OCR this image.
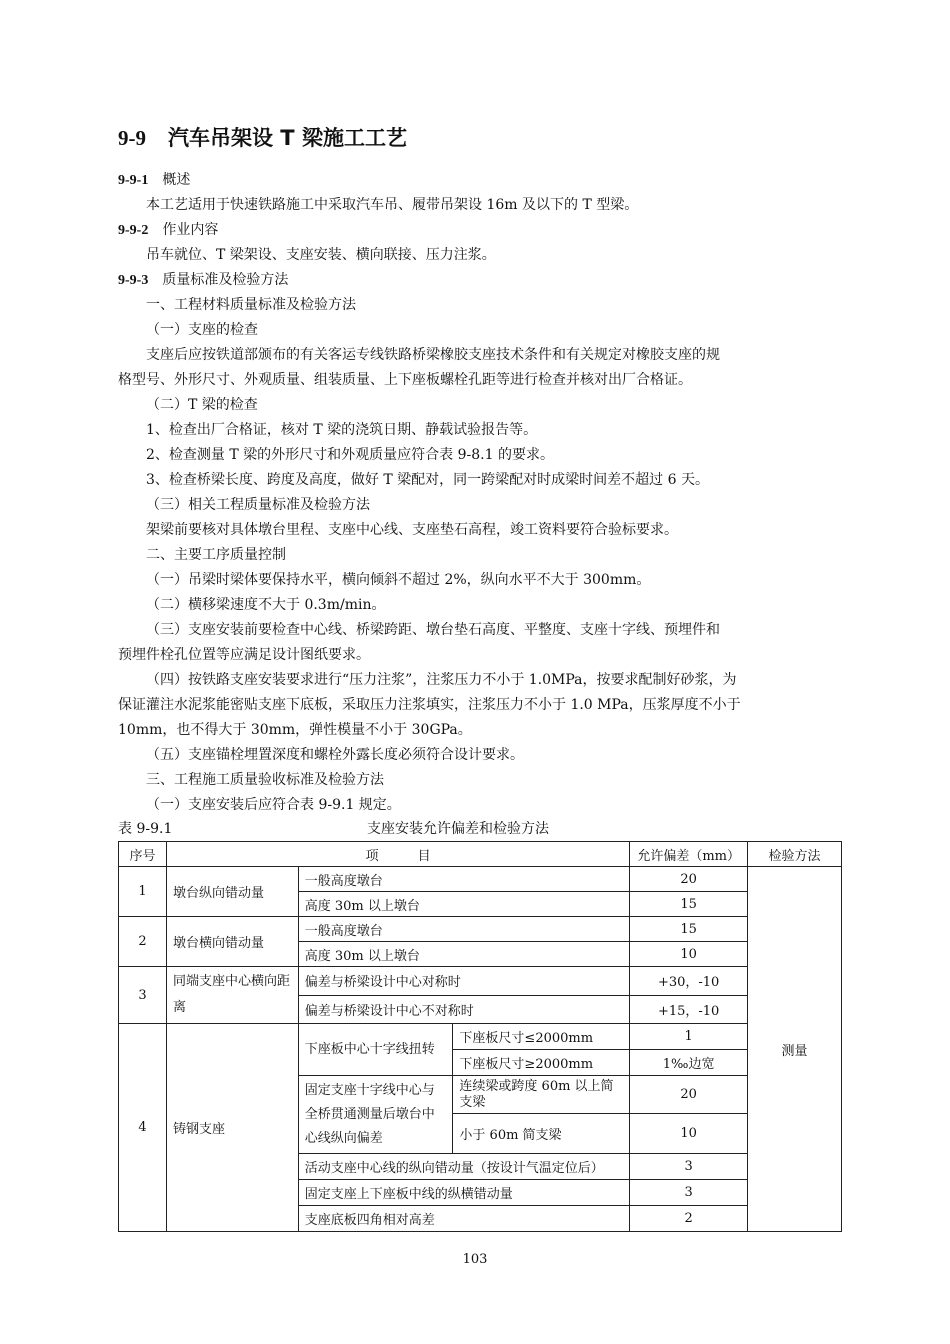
9-9 汽车吊架设 T 梁施工工艺
9-9-1 概述
本工艺适用于快速铁路施工中采取汽车吊、履带吊架设 16m 及以下的 T 型梁。
9-9-2 作业内容
吊车就位、T 梁架设、支座安装、横向联接、压力注浆。
9-9-3 质量标准及检验方法
一、工程材料质量标准及检验方法
（一）支座的检查
支座后应按铁道部颁布的有关客运专线铁路桥梁橡胶支座技术条件和有关规定对橡胶支座的规
格型号、外形尺寸、外观质量、组装质量、上下座板螺栓孔距等进行检查并核对出厂合格证。
（二）T 梁的检查
1、检查出厂合格证，核对 T 梁的浇筑日期、静载试验报告等。
2、检查测量 T 梁的外形尺寸和外观质量应符合表 9-8.1 的要求。
3、检查桥梁长度、跨度及高度，做好 T 梁配对，同一跨梁配对时成梁时间差不超过 6 天。
（三）相关工程质量标准及检验方法
架梁前要核对具体墩台里程、支座中心线、支座垫石高程，竣工资料要符合验标要求。
二、主要工序质量控制
（一）吊梁时梁体要保持水平，横向倾斜不超过 2%，纵向水平不大于 300mm。
（二）横移梁速度不大于 0.3m/min。
（三）支座安装前要检查中心线、桥梁跨距、墩台垫石高度、平整度、支座十字线、预埋件和
预埋件栓孔位置等应满足设计图纸要求。
（四）按铁路支座安装要求进行“压力注浆”，注浆压力不小于 1.0MPa，按要求配制好砂浆，为
保证灌注水泥浆能密贴支座下底板，采取压力注浆填实，注浆压力不小于 1.0 MPa，压浆厚度不小于
10mm，也不得大于 30mm，弹性模量不小于 30GPa。
（五）支座锚栓埋置深度和螺栓外露长度必须符合设计要求。
三、工程施工质量验收标准及检验方法
（一）支座安装后应符合表 9-9.1 规定。
表 9-9.1	支座安装允许偏差和检验方法
序号	项　　　目			允许偏差（mm）	检验方法
1	墩台纵向错动量	一般高度墩台		20	测量
		高度 30m 以上墩台		15	
2	墩台横向错动量	一般高度墩台		15	
		高度 30m 以上墩台		10	
3	同端支座中心横向距离	偏差与桥梁设计中心对称时		+30，-10	
		偏差与桥梁设计中心不对称时		+15，-10	
4	铸钢支座	下座板中心十字线扭转	下座板尺寸≤2000mm	1	
			下座板尺寸≥2000mm	1‰边宽	
		固定支座十字线中心与全桥贯通测量后墩台中心线纵向偏差	连续梁或跨度 60m 以上简支梁	20	
			小于 60m 简支梁	10	
		活动支座中心线的纵向错动量（按设计气温定位后）		3	
		固定支座上下座板中线的纵横错动量		3	
		支座底板四角相对高差		2	
103
